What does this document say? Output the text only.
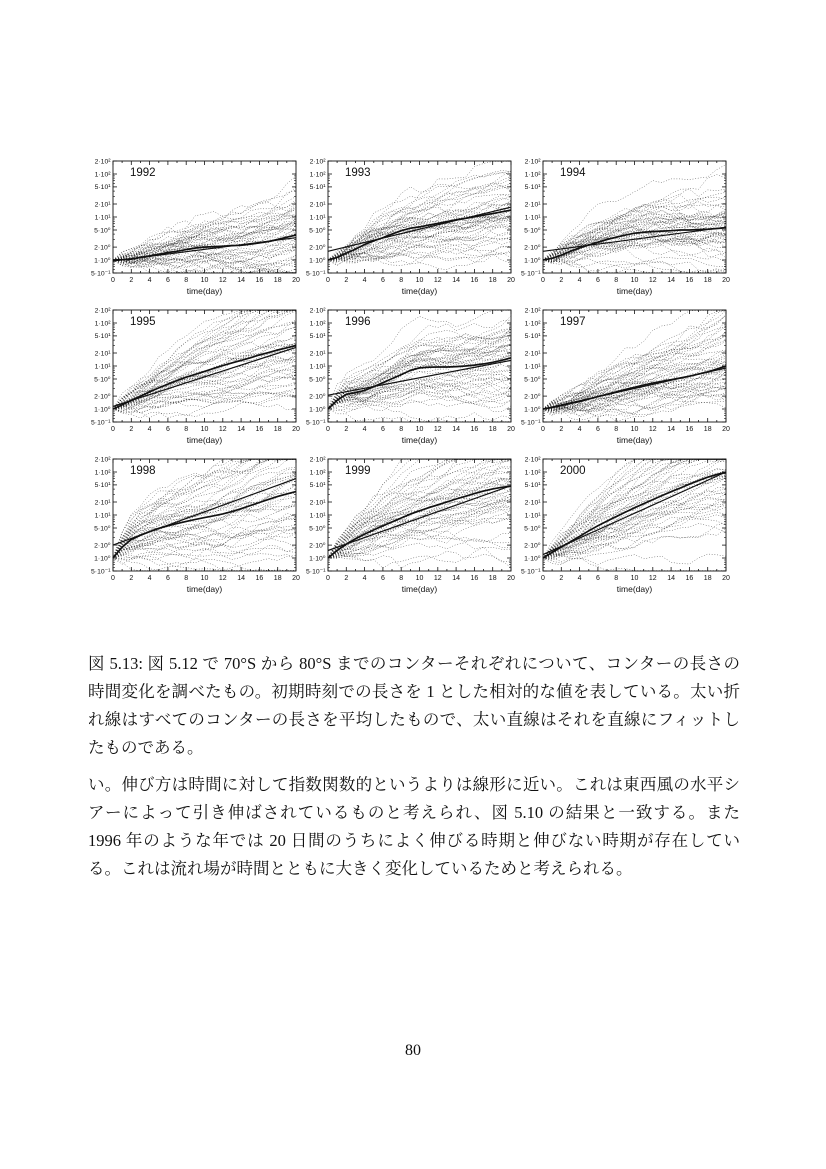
2·10²
1·10²
5·10¹
2·10¹
1·10¹
5·10⁰
2·10⁰
1·10⁰
5·10⁻¹
0 2 4 6 8 10 12 14 16 18 20
1992
time(day)
2·10²
1·10²
5·10¹
2·10¹
1·10¹
5·10⁰
2·10⁰
1·10⁰
5·10⁻¹
0 2 4 6 8 10 12 14 16 18 20
1993
time(day)
2·10²
1·10²
5·10¹
2·10¹
1·10¹
5·10⁰
2·10⁰
1·10⁰
5·10⁻¹
0 2 4 6 8 10 12 14 16 18 20
1994
time(day)
2·10²
1·10²
5·10¹
2·10¹
1·10¹
5·10⁰
2·10⁰
1·10⁰
5·10⁻¹
0 2 4 6 8 10 12 14 16 18 20
1995
time(day)
2·10²
1·10²
5·10¹
2·10¹
1·10¹
5·10⁰
2·10⁰
1·10⁰
5·10⁻¹
0 2 4 6 8 10 12 14 16 18 20
1996
time(day)
2·10²
1·10²
5·10¹
2·10¹
1·10¹
5·10⁰
2·10⁰
1·10⁰
5·10⁻¹
0 2 4 6 8 10 12 14 16 18 20
1997
time(day)
2·10²
1·10²
5·10¹
2·10¹
1·10¹
5·10⁰
2·10⁰
1·10⁰
5·10⁻¹
0 2 4 6 8 10 12 14 16 18 20
1998
time(day)
2·10²
1·10²
5·10¹
2·10¹
1·10¹
5·10⁰
2·10⁰
1·10⁰
5·10⁻¹
0 2 4 6 8 10 12 14 16 18 20
1999
time(day)
2·10²
1·10²
5·10¹
2·10¹
1·10¹
5·10⁰
2·10⁰
1·10⁰
5·10⁻¹
0 2 4 6 8 10 12 14 16 18 20
2000
time(day)

図 5.13: 図 5.12 で 70°S から 80°S までのコンターそれぞれについて、コンターの長さの時間変化を調べたもの。初期時刻での長さを 1 とした相対的な値を表している。太い折れ線はすべてのコンターの長さを平均したもので、太い直線はそれを直線にフィットしたものである。

い。伸び方は時間に対して指数関数的というよりは線形に近い。これは東西風の水平シアーによって引き伸ばされているものと考えられ、図 5.10 の結果と一致する。また 1996 年のような年では 20 日間のうちによく伸びる時期と伸びない時期が存在している。これは流れ場が時間とともに大きく変化しているためと考えられる。

80
